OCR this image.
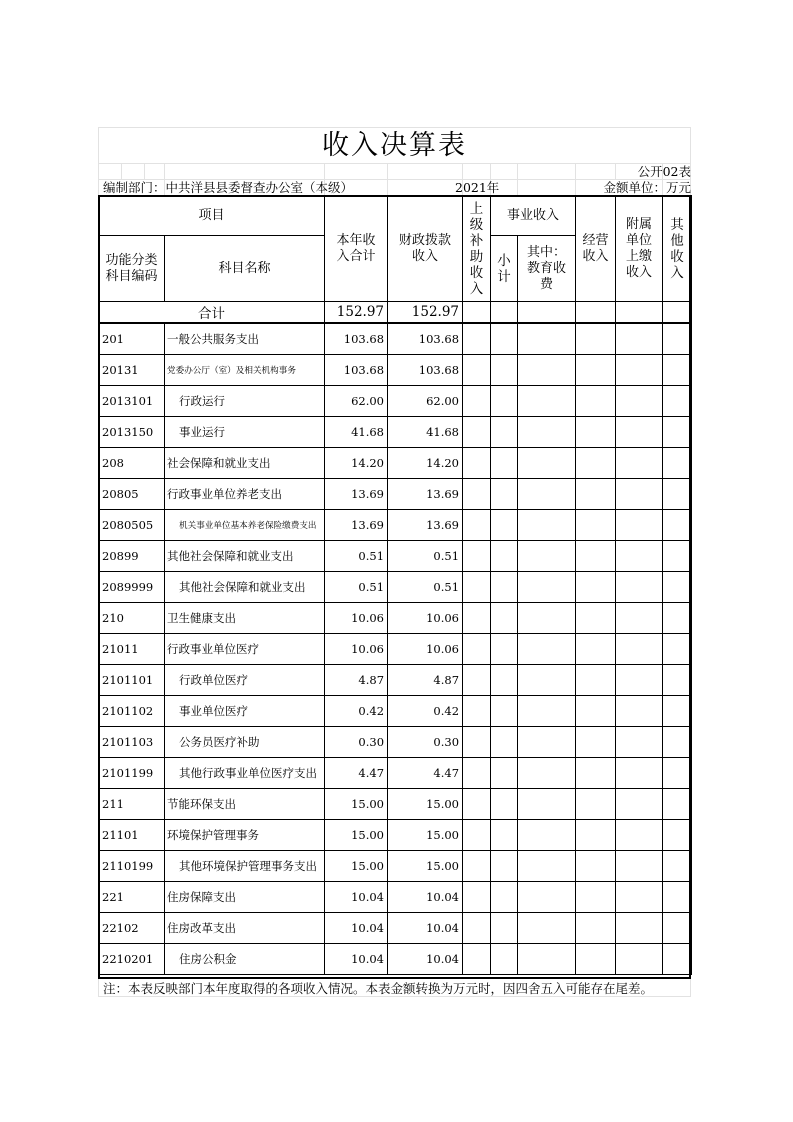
收入决算表
公开02表
编制部门：中共洋县县委督查办公室（本级）	2021年	金额单位：万元
项目		本年收入合计	财政拨款收入	上级补助收入	事业收入		经营收入	附属单位上缴收入	其他收入
功能分类科目编码	科目名称				小计	其中：教育收费			
合计		152.97	152.97						
201	一般公共服务支出	103.68	103.68						
20131	党委办公厅（室）及相关机构事务	103.68	103.68						
2013101	行政运行	62.00	62.00						
2013150	事业运行	41.68	41.68						
208	社会保障和就业支出	14.20	14.20						
20805	行政事业单位养老支出	13.69	13.69						
2080505	机关事业单位基本养老保险缴费支出	13.69	13.69						
20899	其他社会保障和就业支出	0.51	0.51						
2089999	其他社会保障和就业支出	0.51	0.51						
210	卫生健康支出	10.06	10.06						
21011	行政事业单位医疗	10.06	10.06						
2101101	行政单位医疗	4.87	4.87						
2101102	事业单位医疗	0.42	0.42						
2101103	公务员医疗补助	0.30	0.30						
2101199	其他行政事业单位医疗支出	4.47	4.47						
211	节能环保支出	15.00	15.00						
21101	环境保护管理事务	15.00	15.00						
2110199	其他环境保护管理事务支出	15.00	15.00						
221	住房保障支出	10.04	10.04						
22102	住房改革支出	10.04	10.04						
2210201	住房公积金	10.04	10.04						
注：本表反映部门本年度取得的各项收入情况。本表金额转换为万元时，因四舍五入可能存在尾差。
